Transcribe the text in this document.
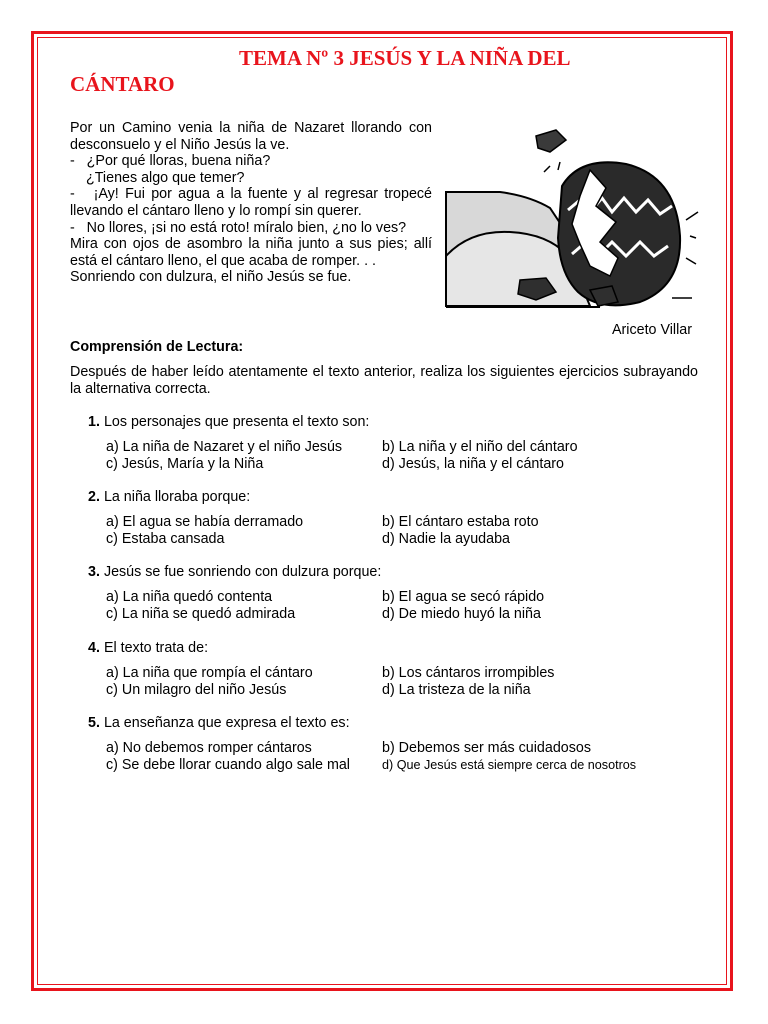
TEMA Nº 3 JESÚS Y LA NIÑA DEL
CÁNTARO

Por un Camino venia la niña de Nazaret llorando con desconsuelo y el Niño Jesús la ve.

-   ¿Por qué lloras, buena niña?

¿Tienes algo que temer?

-   ¡Ay! Fui por agua a la fuente y al regresar tropecé llevando el cántaro lleno y lo rompí sin querer.

-   No llores, ¡si no está roto! míralo bien, ¿no lo ves?

Mira con ojos de asombro la niña junto a sus pies; allí está el cántaro lleno, el que acaba de romper. . .

Sonriendo con dulzura, el niño Jesús se fue.

Ariceto Villar

Comprensión de Lectura:

Después de haber leído atentamente el texto anterior, realiza los siguientes ejercicios subrayando la alternativa correcta.

1. Los personajes que presenta el texto son:

a) La niña de Nazaret y el niño Jesús	b) La niña y el niño del cántaro
c) Jesús, María y la Niña	d) Jesús, la niña y el cántaro

2. La niña lloraba porque:

a) El agua se había derramado	b) El cántaro estaba roto
c) Estaba cansada	d) Nadie la ayudaba

3. Jesús se fue sonriendo con dulzura porque:

a) La niña quedó contenta	b) El agua se secó rápido
c) La niña se quedó admirada	d) De miedo huyó la niña

4. El texto trata de:

a) La niña que rompía el cántaro	b) Los cántaros irrompibles
c) Un milagro del niño Jesús	d) La tristeza de la niña

5. La enseñanza que expresa el texto es:

a) No debemos romper cántaros	b) Debemos ser más cuidadosos
c) Se debe llorar cuando algo sale mal	d) Que Jesús está siempre cerca de nosotros
